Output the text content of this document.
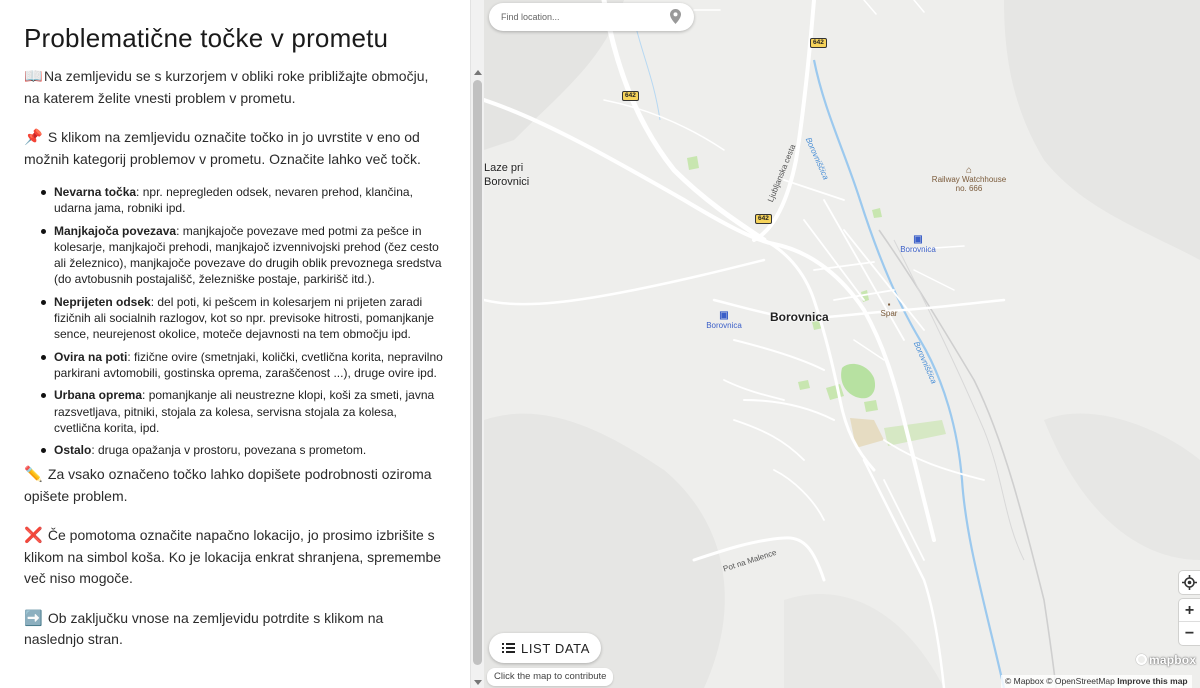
Problematične točke v prometu

📖Na zemljevidu se s kurzorjem v obliki roke približajte območju, na katerem želite vnesti problem v prometu.

📌 S klikom na zemljevidu označite točko in jo uvrstite v eno od možnih kategorij problemov v prometu. Označite lahko več točk.

Nevarna točka: npr. nepregleden odsek, nevaren prehod, klančina, udarna jama, robniki ipd.
Manjkajoča povezava: manjkajoče povezave med potmi za pešce in kolesarje, manjkajoči prehodi, manjkajoč izvennivojski prehod (čez cesto ali železnico), manjkajoče povezave do drugih oblik prevoznega sredstva (do avtobusnih postajališč, železniške postaje, parkirišč itd.).
Neprijeten odsek: del poti, ki pešcem in kolesarjem ni prijeten zaradi fizičnih ali socialnih razlogov, kot so npr. previsoke hitrosti, pomanjkanje sence, neurejenost okolice, moteče dejavnosti na tem območju ipd.
Ovira na poti: fizične ovire (smetnjaki, količki, cvetlična korita, nepravilno parkirani avtomobili, gostinska oprema, zaraščenost ...), druge ovire ipd.
Urbana oprema: pomanjkanje ali neustrezne klopi, koši za smeti, javna razsvetljava, pitniki, stojala za kolesa, servisna stojala za kolesa, cvetlična korita, ipd.
Ostalo: druga opažanja v prostoru, povezana s prometom.

✏️ Za vsako označeno točko lahko dopišete podrobnosti oziroma opišete problem.

❌ Če pomotoma označite napačno lokacijo, jo prosimo izbrišite s klikom na simbol koša. Ko je lokacija enkrat shranjena, spremembe več niso mogoče.

➡️ Ob zaključku vnose na zemljevidu potrdite s klikom na naslednjo stran.

Borovnica
Laze pri
Borovnici
⌂
Railway Watchhouse
no. 666
▣
Borovnica
▣
Borovnica
▪
Spar
Borovniščica
Borovniščica
Ljubljanska cesta
Pot na Malence
642
642
642
Find location...
+
−
LIST DATA
Click the map to contribute
mapbox
© Mapbox © OpenStreetMap Improve this map
